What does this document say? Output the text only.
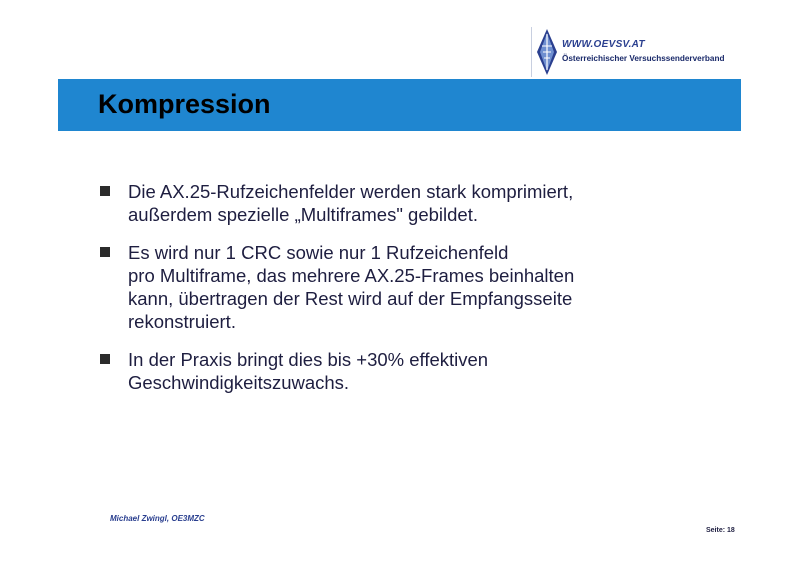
WWW.OEVSV.AT
Österreichischer Versuchssenderverband
Kompression
Die AX.25-Rufzeichenfelder werden stark komprimiert,
außerdem spezielle „Multiframes" gebildet.
Es wird nur 1 CRC sowie nur 1 Rufzeichenfeld
pro Multiframe, das mehrere AX.25-Frames beinhalten
kann, übertragen der Rest wird auf der Empfangsseite
rekonstruiert.
In der Praxis bringt dies bis +30% effektiven
Geschwindigkeitszuwachs.
Michael Zwingl, OE3MZC
Seite: 18
